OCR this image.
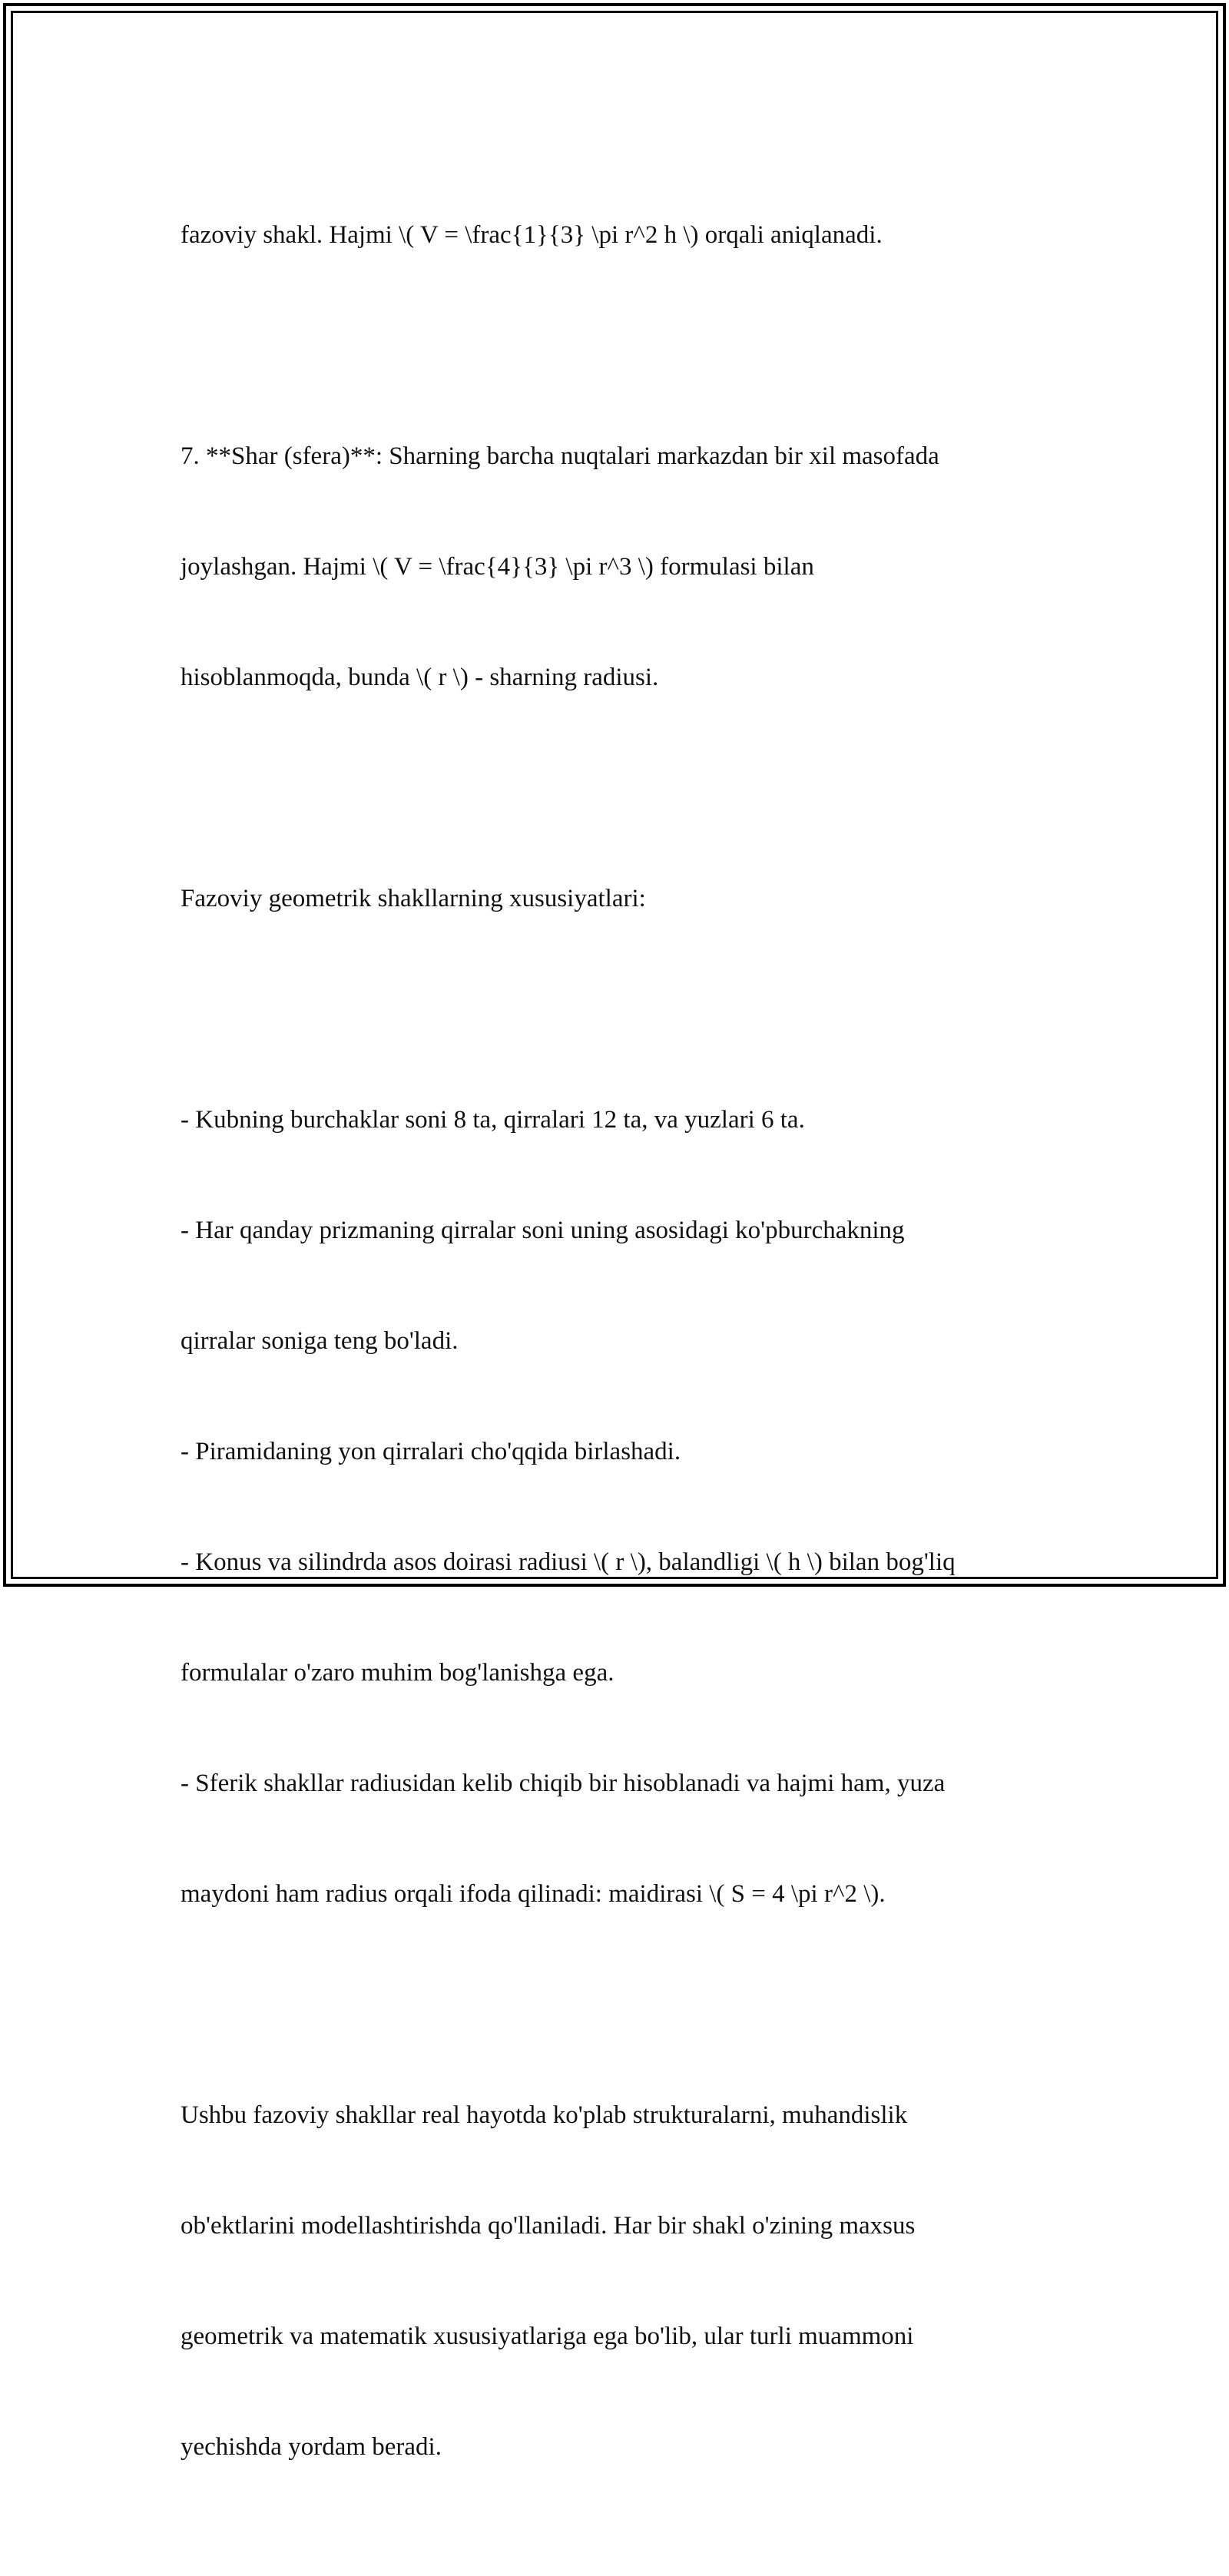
fazoviy shakl. Hajmi \( V = \frac{1}{3} \pi r^2 h \) orqali aniqlanadi.

7. **Shar (sfera)**: Sharning barcha nuqtalari markazdan bir xil masofada

joylashgan. Hajmi \( V = \frac{4}{3} \pi r^3 \) formulasi bilan

hisoblanmoqda, bunda \( r \) - sharning radiusi.

Fazoviy geometrik shakllarning xususiyatlari:

- Kubning burchaklar soni 8 ta, qirralari 12 ta, va yuzlari 6 ta.

- Har qanday prizmaning qirralar soni uning asosidagi ko'pburchakning

qirralar soniga teng bo'ladi.

- Piramidaning yon qirralari cho'qqida birlashadi.

- Konus va silindrda asos doirasi radiusi \( r \), balandligi \( h \) bilan bog'liq

formulalar o'zaro muhim bog'lanishga ega.

- Sferik shakllar radiusidan kelib chiqib bir hisoblanadi va hajmi ham, yuza

maydoni ham radius orqali ifoda qilinadi: maidirasi \( S = 4 \pi r^2 \).

Ushbu fazoviy shakllar real hayotda ko'plab strukturalarni, muhandislik

ob'ektlarini modellashtirishda qo'llaniladi. Har bir shakl o'zining maxsus

geometrik va matematik xususiyatlariga ega bo'lib, ular turli muammoni

yechishda yordam beradi.
